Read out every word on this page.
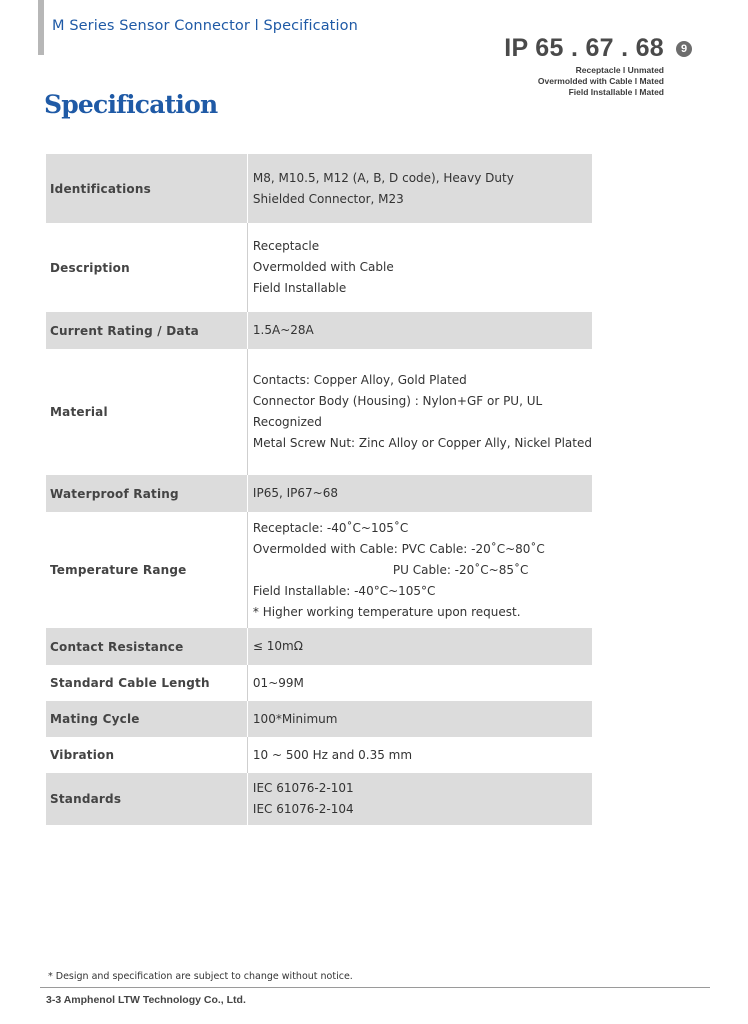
M Series Sensor Connector l Specification
IP 65 . 67 . 68	9
Receptacle l Unmated
Overmolded with Cable l Mated
Field Installable l Mated
Specification
Identifications	M8, M10.5, M12 (A, B, D code), Heavy Duty
Shielded Connector, M23

Description	Receptacle
Overmolded with Cable
Field Installable

Current Rating / Data	1.5A~28A

Material	Contacts: Copper Alloy, Gold Plated
Connector Body (Housing) : Nylon+GF or PU, UL
Recognized
Metal Screw Nut: Zinc Alloy or Copper Ally, Nickel Plated

Waterproof Rating	IP65, IP67~68

Temperature Range	Receptacle: -40˚C~105˚C
Overmolded with Cable: PVC Cable: -20˚C~80˚C
PU Cable: -20˚C~85˚C
Field Installable: -40°C~105°C
* Higher working temperature upon request.

Contact Resistance	≤ 10mΩ

Standard Cable Length	01~99M

Mating Cycle	100*Minimum

Vibration	10 ~ 500 Hz and 0.35 mm

Standards	IEC 61076-2-101
IEC 61076-2-104
* Design and specification are subject to change without notice.
3-3 Amphenol LTW Technology Co., Ltd.
